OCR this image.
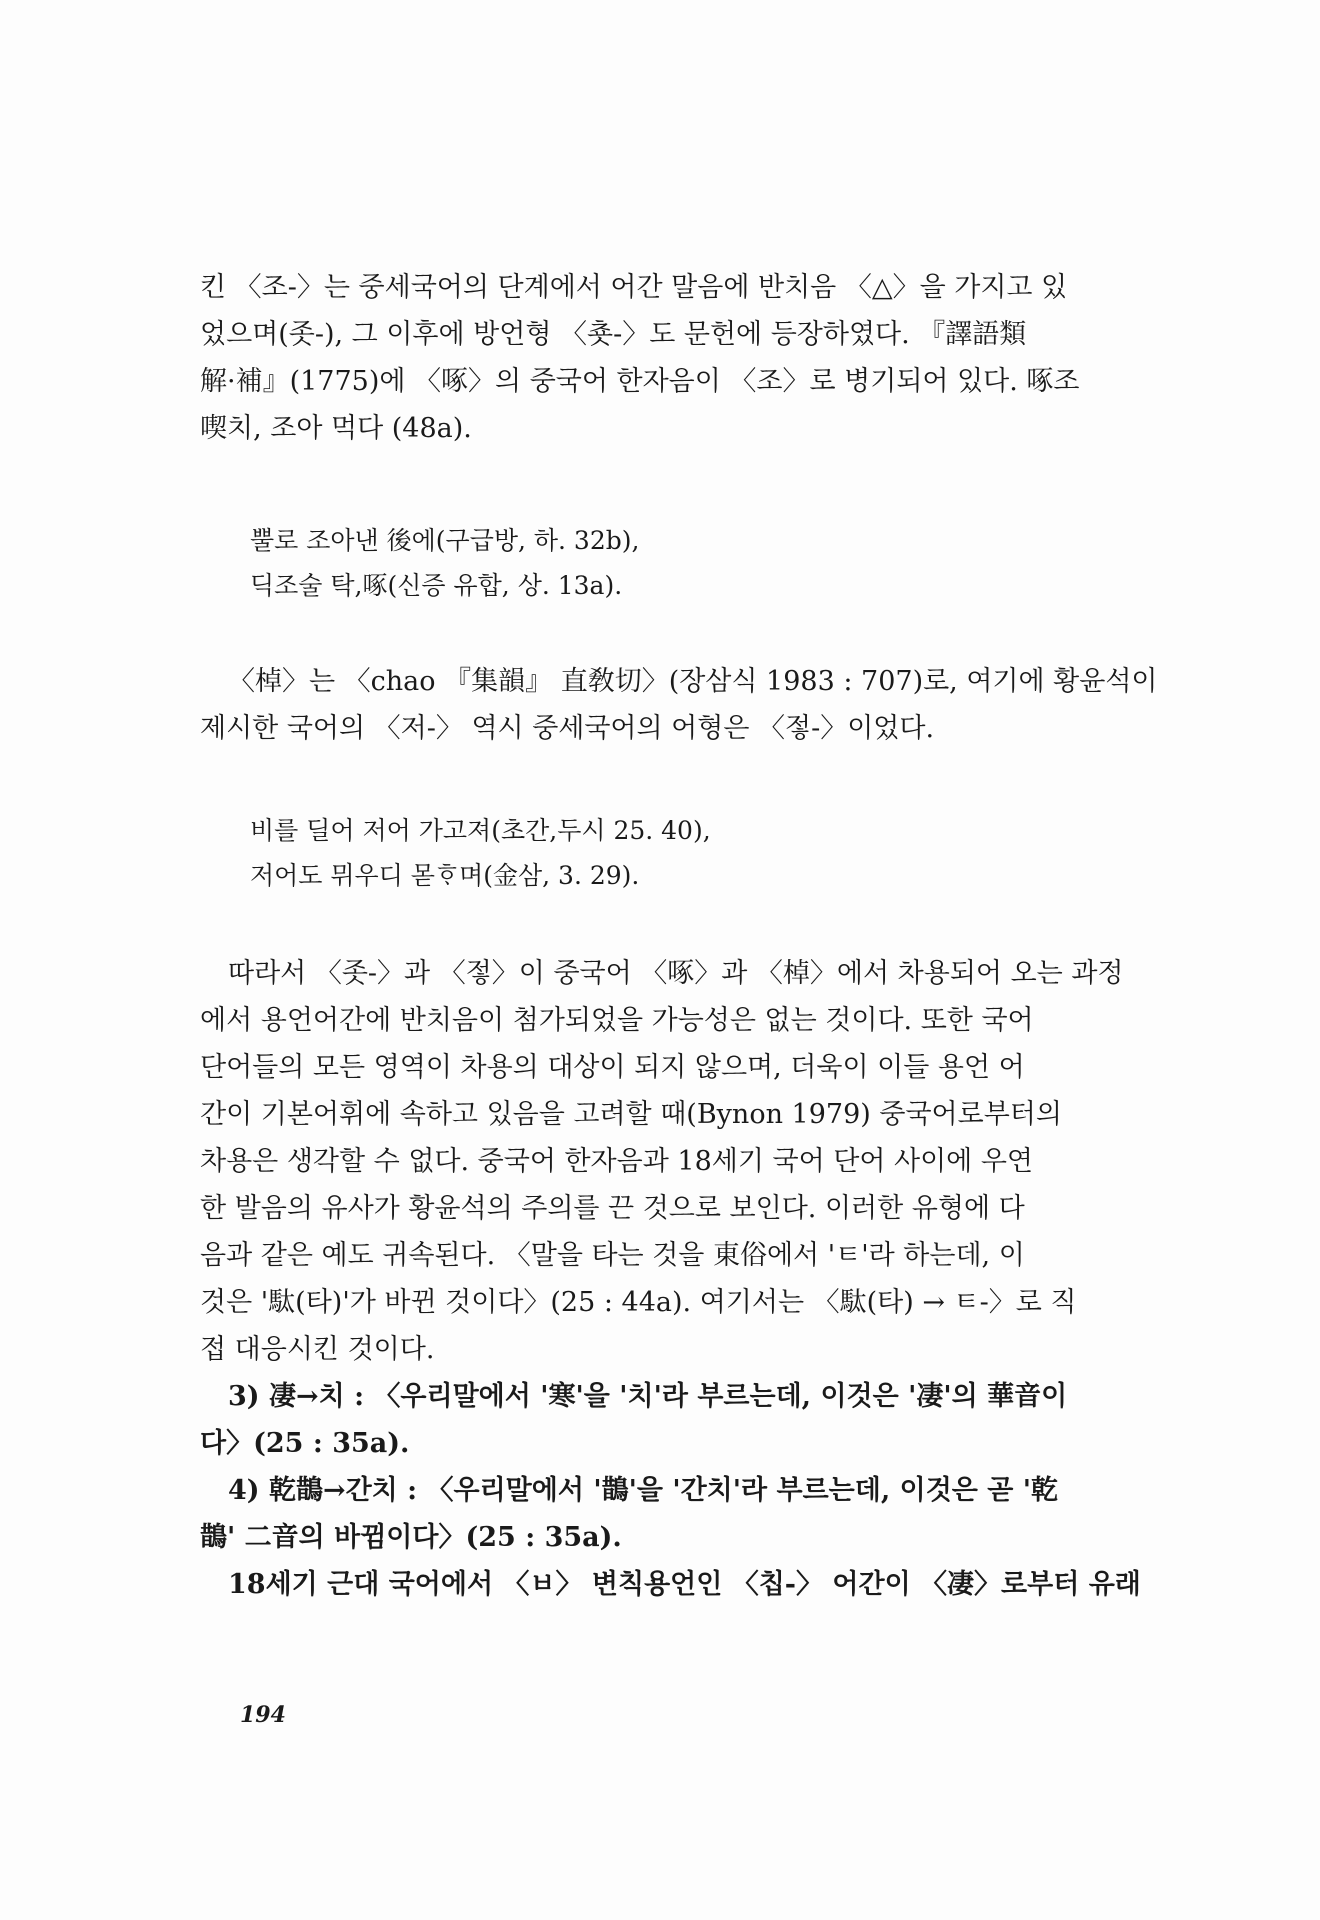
킨 〈조-〉는 중세국어의 단계에서 어간 말음에 반치음 〈△〉을 가지고 있
었으며(좃-), 그 이후에 방언형 〈춋-〉도 문헌에 등장하였다. 『譯語類
解·補』(1775)에 〈啄〉의 중국어 한자음이 〈조〉로 병기되어 있다. 啄조
喫치, 조아 먹다 (48a).

뿔로 조아낸 後에(구급방, 하. 32b),
딕조술 탁,啄(신증 유합, 상. 13a).

〈棹〉는 〈chao 『集韻』 直敎切〉(장삼식 1983 : 707)로, 여기에 황윤석이
제시한 국어의 〈저-〉 역시 중세국어의 어형은 〈젛-〉이었다.

비를 딜어 저어 가고져(초간,두시 25. 40),
저어도 뮈우디 몯ᄒᆞ며(金삼, 3. 29).

따라서 〈좃-〉과 〈젛〉이 중국어 〈啄〉과 〈棹〉에서 차용되어 오는 과정
에서 용언어간에 반치음이 첨가되었을 가능성은 없는 것이다. 또한 국어
단어들의 모든 영역이 차용의 대상이 되지 않으며, 더욱이 이들 용언 어
간이 기본어휘에 속하고 있음을 고려할 때(Bynon 1979) 중국어로부터의
차용은 생각할 수 없다. 중국어 한자음과 18세기 국어 단어 사이에 우연
한 발음의 유사가 황윤석의 주의를 끈 것으로 보인다. 이러한 유형에 다
음과 같은 예도 귀속된다. 〈말을 타는 것을 東俗에서 'ㅌ'라 하는데, 이
것은 '駄(타)'가 바뀐 것이다〉(25 : 44a). 여기서는 〈駄(타) → ㅌ-〉로 직
접 대응시킨 것이다.

3) 凄→치 : 〈우리말에서 '寒'을 '치'라 부르는데, 이것은 '凄'의 華音이
다〉(25 : 35a).

4) 乾鵲→간치 : 〈우리말에서 '鵲'을 '간치'라 부르는데, 이것은 곧 '乾
鵲' 二音의 바뀜이다〉(25 : 35a).

18세기 근대 국어에서 〈ㅂ〉 변칙용언인 〈칩-〉 어간이 〈凄〉로부터 유래

194
